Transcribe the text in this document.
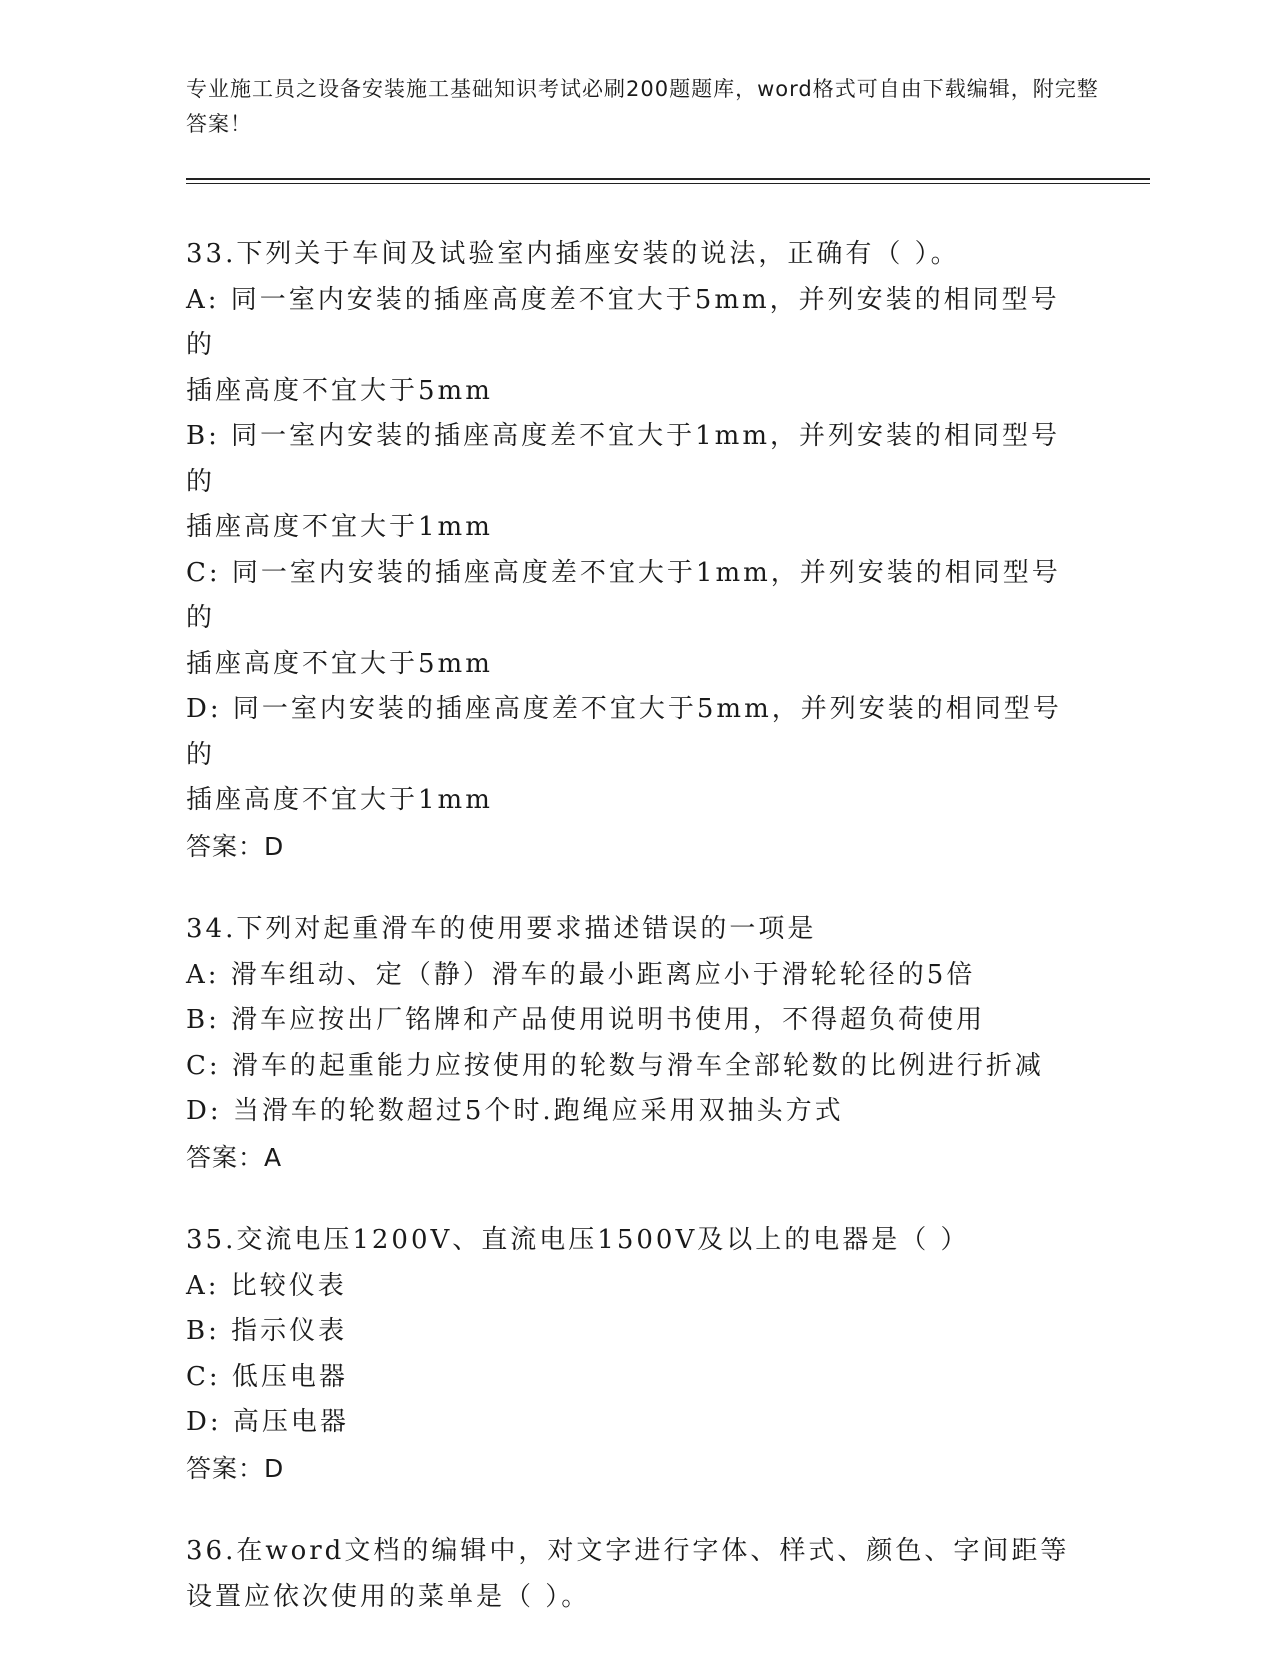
专业施工员之设备安装施工基础知识考试必刷200题题库，word格式可自由下载编辑，附完整答案！
33.下列关于车间及试验室内插座安装的说法，正确有（ ）。
A: 同一室内安装的插座高度差不宜大于5mm，并列安装的相同型号的
插座高度不宜大于5mm
B: 同一室内安装的插座高度差不宜大于1mm，并列安装的相同型号的
插座高度不宜大于1mm
C: 同一室内安装的插座高度差不宜大于1mm，并列安装的相同型号的
插座高度不宜大于5mm
D: 同一室内安装的插座高度差不宜大于5mm，并列安装的相同型号的
插座高度不宜大于1mm
答案：D
34.下列对起重滑车的使用要求描述错误的一项是
A: 滑车组动、定（静）滑车的最小距离应小于滑轮轮径的5倍
B: 滑车应按出厂铭牌和产品使用说明书使用，不得超负荷使用
C: 滑车的起重能力应按使用的轮数与滑车全部轮数的比例进行折减
D: 当滑车的轮数超过5个时.跑绳应采用双抽头方式
答案：A
35.交流电压1200V、直流电压1500V及以上的电器是（ ）
A: 比较仪表
B: 指示仪表
C: 低压电器
D: 高压电器
答案：D
36.在word文档的编辑中，对文字进行字体、样式、颜色、字间距等
设置应依次使用的菜单是（ ）。
